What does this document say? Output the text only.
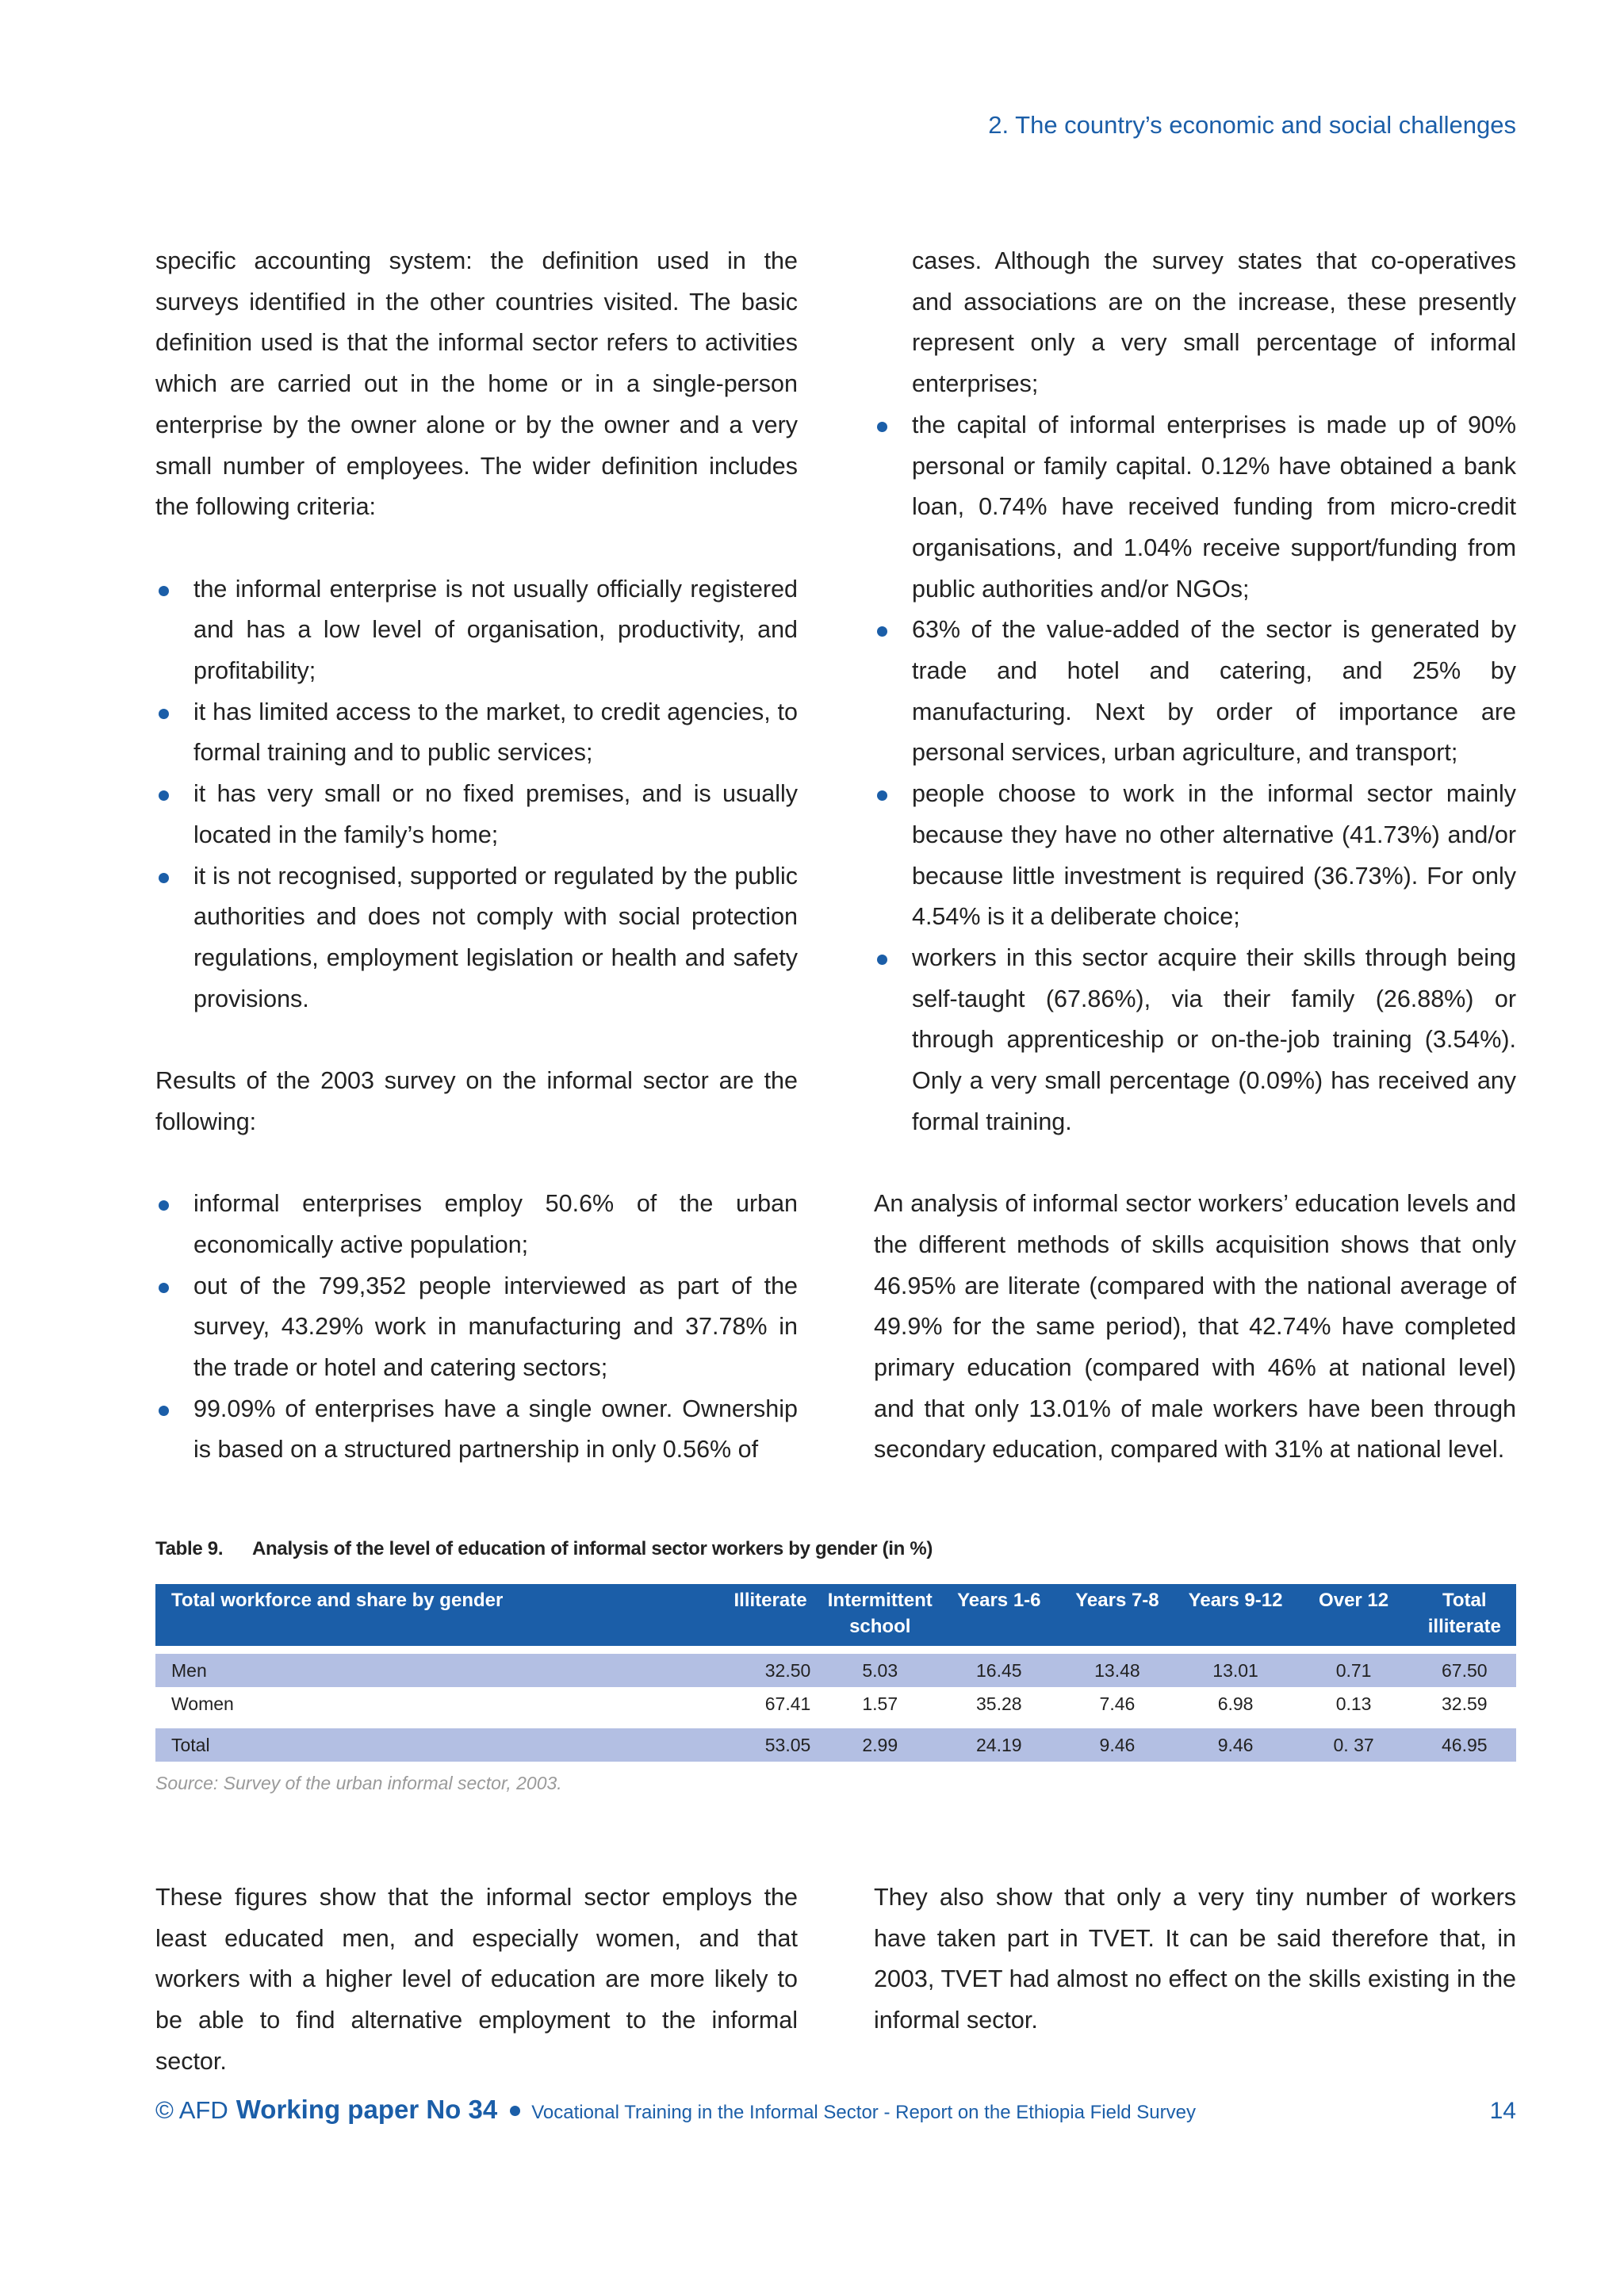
2. The country’s economic and social challenges

specific accounting system: the definition used in the surveys identified in the other countries visited. The basic definition used is that the informal sector refers to activities which are carried out in the home or in a single-person enterprise by the owner alone or by the owner and a very small number of employees. The wider definition includes the following criteria:

the informal enterprise is not usually officially registered and has a low level of organisation, productivity, and profitability;
it has limited access to the market, to credit agencies, to formal training and to public services;
it has very small or no fixed premises, and is usually located in the family’s home;
it is not recognised, supported or regulated by the public authorities and does not comply with social protection regulations, employment legislation or health and safety provisions.

Results of the 2003 survey on the informal sector are the following:

informal enterprises employ 50.6% of the urban economically active population;
out of the 799,352 people interviewed as part of the survey, 43.29% work in manufacturing and 37.78% in the trade or hotel and catering sectors;
99.09% of enterprises have a single owner. Ownership is based on a structured partnership in only 0.56% of
cases. Although the survey states that co-operatives and associations are on the increase, these presently represent only a very small percentage of informal enterprises;
the capital of informal enterprises is made up of 90% personal or family capital. 0.12% have obtained a bank loan, 0.74% have received funding from micro-credit organisations, and 1.04% receive support/funding from public authorities and/or NGOs;
63% of the value-added of the sector is generated by trade and hotel and catering, and 25% by manufacturing. Next by order of importance are personal services, urban agriculture, and transport;
people choose to work in the informal sector mainly because they have no other alternative (41.73%) and/or because little investment is required (36.73%). For only 4.54% is it a deliberate choice;
workers in this sector acquire their skills through being self-taught (67.86%), via their family (26.88%) or through apprenticeship or on-the-job training (3.54%). Only a very small percentage (0.09%) has received any formal training.

An analysis of informal sector workers’ education levels and the different methods of skills acquisition shows that only 46.95% are literate (compared with the national average of 49.9% for the same period), that 42.74% have completed primary education (compared with 46% at national level) and that only 13.01% of male workers have been through secondary education, compared with 31% at national level.

Table 9. Analysis of the level of education of informal sector workers by gender (in %)
Total workforce and share by gender	Illiterate	Intermittent school	Years 1-6	Years 7-8	Years 9-12	Over 12	Total illiterate

Men	32.50	5.03	16.45	13.48	13.01	0.71	67.50
Women	67.41	1.57	35.28	7.46	6.98	0.13	32.59

Total	53.05	2.99	24.19	9.46	9.46	0. 37	46.95
Source: Survey of the urban informal sector, 2003.

These figures show that the informal sector employs the least educated men, and especially women, and that workers with a higher level of education are more likely to be able to find alternative employment to the informal sector.

They also show that only a very tiny number of workers have taken part in TVET. It can be said therefore that, in 2003, TVET had almost no effect on the skills existing in the informal sector.

© AFD Working paper No 34 Vocational Training in the Informal Sector - Report on the Ethiopia Field Survey	14
